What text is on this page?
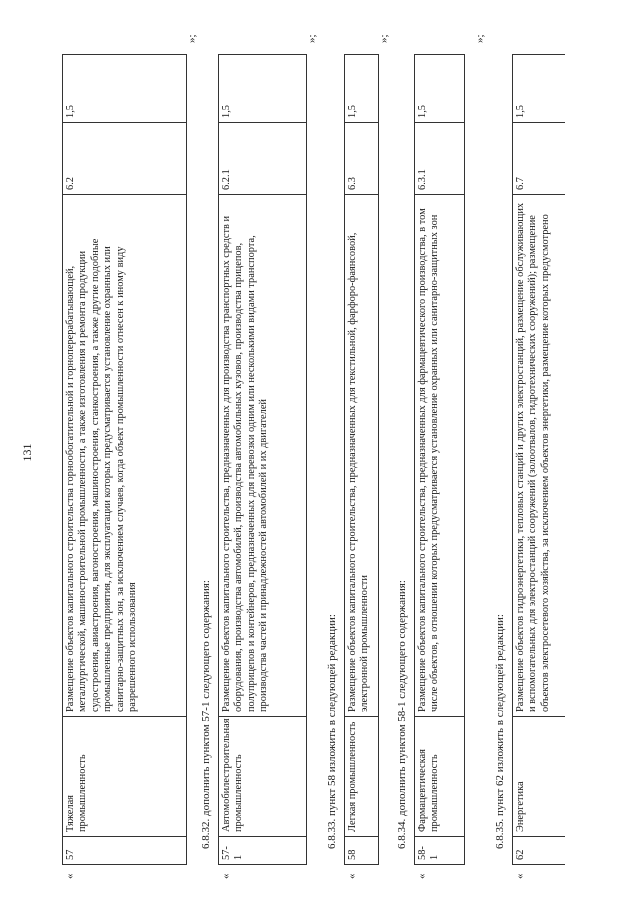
131
«
57	Тяжелая промышленность	Размещение объектов капитального строительства горнообогатительной и горноперерабатывающей, металлургической, машиностроительной промышленности, а также изготовления и ремонта продукции судостроения, авиастроения, вагоностроения, машиностроения, станкостроения, а также другие подобные промышленные предприятия, для эксплуатации которых предусматривается установление охранных или санитарно-защитных зон, за исключением случаев, когда объект промышленности отнесен к иному виду разрешенного использования	6.2	1,5
»;
6.8.32. дополнить пунктом 57-1 следующего содержания:
«
57-1	Автомобилестроительная промышленность	Размещение объектов капитального строительства, предназначенных для производства транспортных средств и оборудования, производства автомобилей, производства автомобильных кузовов, производства прицепов, полуприцепов и контейнеров, предназначенных для перевозки одним или несколькими видами транспорта, производства частей и принадлежностей автомобилей и их двигателей	6.2.1	1,5
»;
6.8.33. пункт 58 изложить в следующей редакции:
«
58	Легкая промышленность	Размещение объектов капитального строительства, предназначенных для текстильной, фарфоро-фаянсовой, электронной промышленности	6.3	1,5
»;
6.8.34. дополнить пунктом 58-1 следующего содержания:
«
58-1	Фармацевтическая промышленность	Размещение объектов капитального строительства, предназначенных для фармацевтического производства, в том числе объектов, в отношении которых предусматривается установление охранных или санитарно-защитных зон	6.3.1	1,5
»;
6.8.35. пункт 62 изложить в следующей редакции:
«
62	Энергетика	Размещение объектов гидроэнергетики, тепловых станций и других электростанций, размещение обслуживающих и вспомогательных для электростанций сооружений (золоотвалов, гидротехнических сооружений); размещение объектов электросетевого хозяйства, за исключением объектов энергетики, размещение которых предусмотрено	6.7	1,5
